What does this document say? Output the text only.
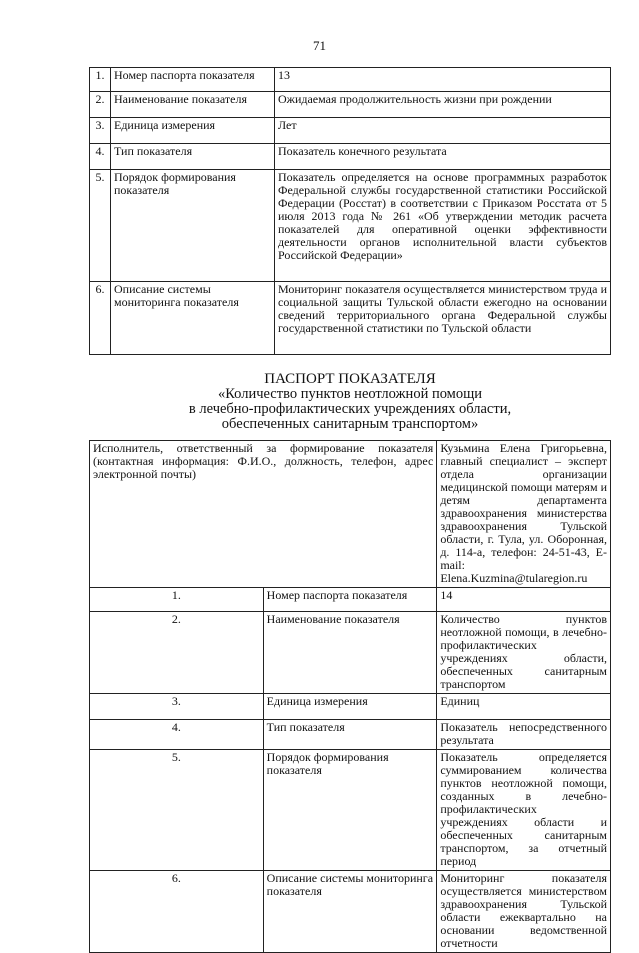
71
1.	Номер паспорта показателя	13
2.	Наименование показателя	Ожидаемая продолжительность жизни при рождении
3.	Единица измерения	Лет
4.	Тип показателя	Показатель конечного результата
5.	Порядок формирования показателя	Показатель определяется на основе программных разработок Федеральной службы государственной статистики Российской Федерации (Росстат) в соответствии с Приказом Росстата от 5 июля 2013 года № 261 «Об утверждении методик расчета показателей для оперативной оценки эффективности деятельности органов исполнительной власти субъектов Российской Федерации»
6.	Описание системы мониторинга показателя	Мониторинг показателя осуществляется министерством труда и социальной защиты Тульской области ежегодно на основании сведений территориального органа Федеральной службы государственной статистики по Тульской области
ПАСПОРТ ПОКАЗАТЕЛЯ
«Количество пунктов неотложной помощи
в лечебно-профилактических учреждениях области,
обеспеченных санитарным транспортом»
Исполнитель, ответственный за формирование показателя (контактная информация: Ф.И.О., должность, телефон, адрес электронной почты)		Кузьмина Елена Григорьевна, главный специалист – эксперт отдела организации медицинской помощи матерям и детям департамента здравоохранения министерства здравоохранения Тульской области, г. Тула, ул. Оборонная, д. 114-а, телефон: 24-51-43, E-mail: Elena.Kuzmina@tularegion.ru
1.	Номер паспорта показателя	14
2.	Наименование показателя	Количество пунктов неотложной помощи, в лечебно-профилактических учреждениях области, обеспеченных санитарным транспортом
3.	Единица измерения	Единиц
4.	Тип показателя	Показатель непосредственного результата
5.	Порядок формирования показателя	Показатель определяется суммированием количества пунктов неотложной помощи, созданных в лечебно-профилактических учреждениях области и обеспеченных санитарным транспортом, за отчетный период
6.	Описание системы мониторинга показателя	Мониторинг показателя осуществляется министерством здравоохранения Тульской области ежеквартально на основании ведомственной отчетности
